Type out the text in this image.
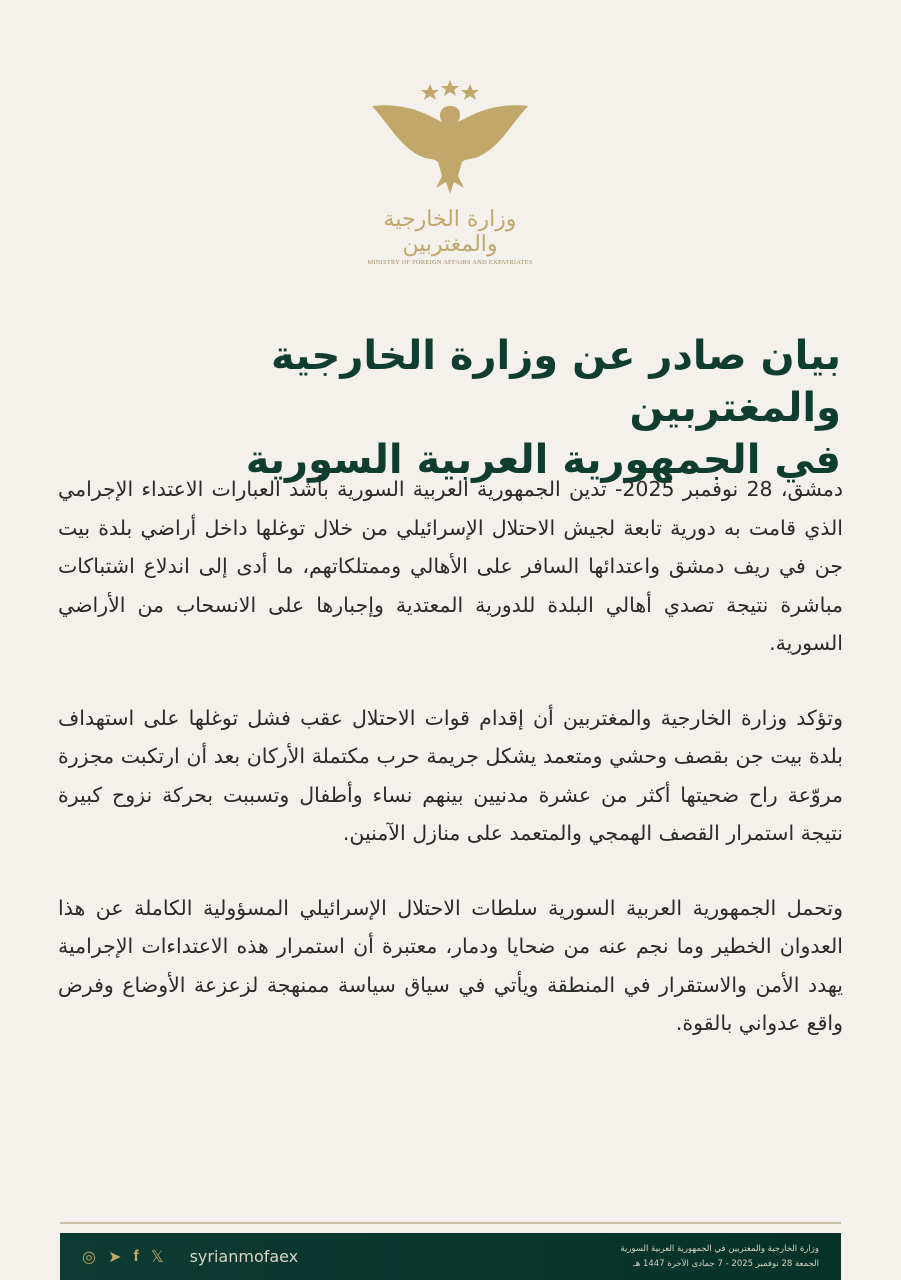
وزارة الخارجية والمغتربين
MINISTRY OF FOREIGN AFFAIRS AND EXPATRIATES
بيان صادر عن وزارة الخارجية والمغتربين
في الجمهورية العربية السورية

دمشق، 28 نوفمبر 2025- تدين الجمهورية العربية السورية بأشد العبارات الاعتداء الإجرامي الذي قامت به دورية تابعة لجيش الاحتلال الإسرائيلي من خلال توغلها داخل أراضي بلدة بيت جن في ريف دمشق واعتدائها السافر على الأهالي وممتلكاتهم، ما أدى إلى اندلاع اشتباكات مباشرة نتيجة تصدي أهالي البلدة للدورية المعتدية وإجبارها على الانسحاب من الأراضي السورية.

وتؤكد وزارة الخارجية والمغتربين أن إقدام قوات الاحتلال عقب فشل توغلها على استهداف بلدة بيت جن بقصف وحشي ومتعمد يشكل جريمة حرب مكتملة الأركان بعد أن ارتكبت مجزرة مروّعة راح ضحيتها أكثر من عشرة مدنيين بينهم نساء وأطفال وتسببت بحركة نزوح كبيرة نتيجة استمرار القصف الهمجي والمتعمد على منازل الآمنين.

وتحمل الجمهورية العربية السورية سلطات الاحتلال الإسرائيلي المسؤولية الكاملة عن هذا العدوان الخطير وما نجم عنه من ضحايا ودمار، معتبرة أن استمرار هذه الاعتداءات الإجرامية يهدد الأمن والاستقرار في المنطقة ويأتي في سياق سياسة ممنهجة لزعزعة الأوضاع وفرض واقع عدواني بالقوة.

◎ ➤ f 𝕏 syrianmofaex	وزارة الخارجية والمغتربين في الجمهورية العربية السورية
الجمعة 28 نوفمبر 2025 - 7 جمادى الآخرة 1447 هـ
